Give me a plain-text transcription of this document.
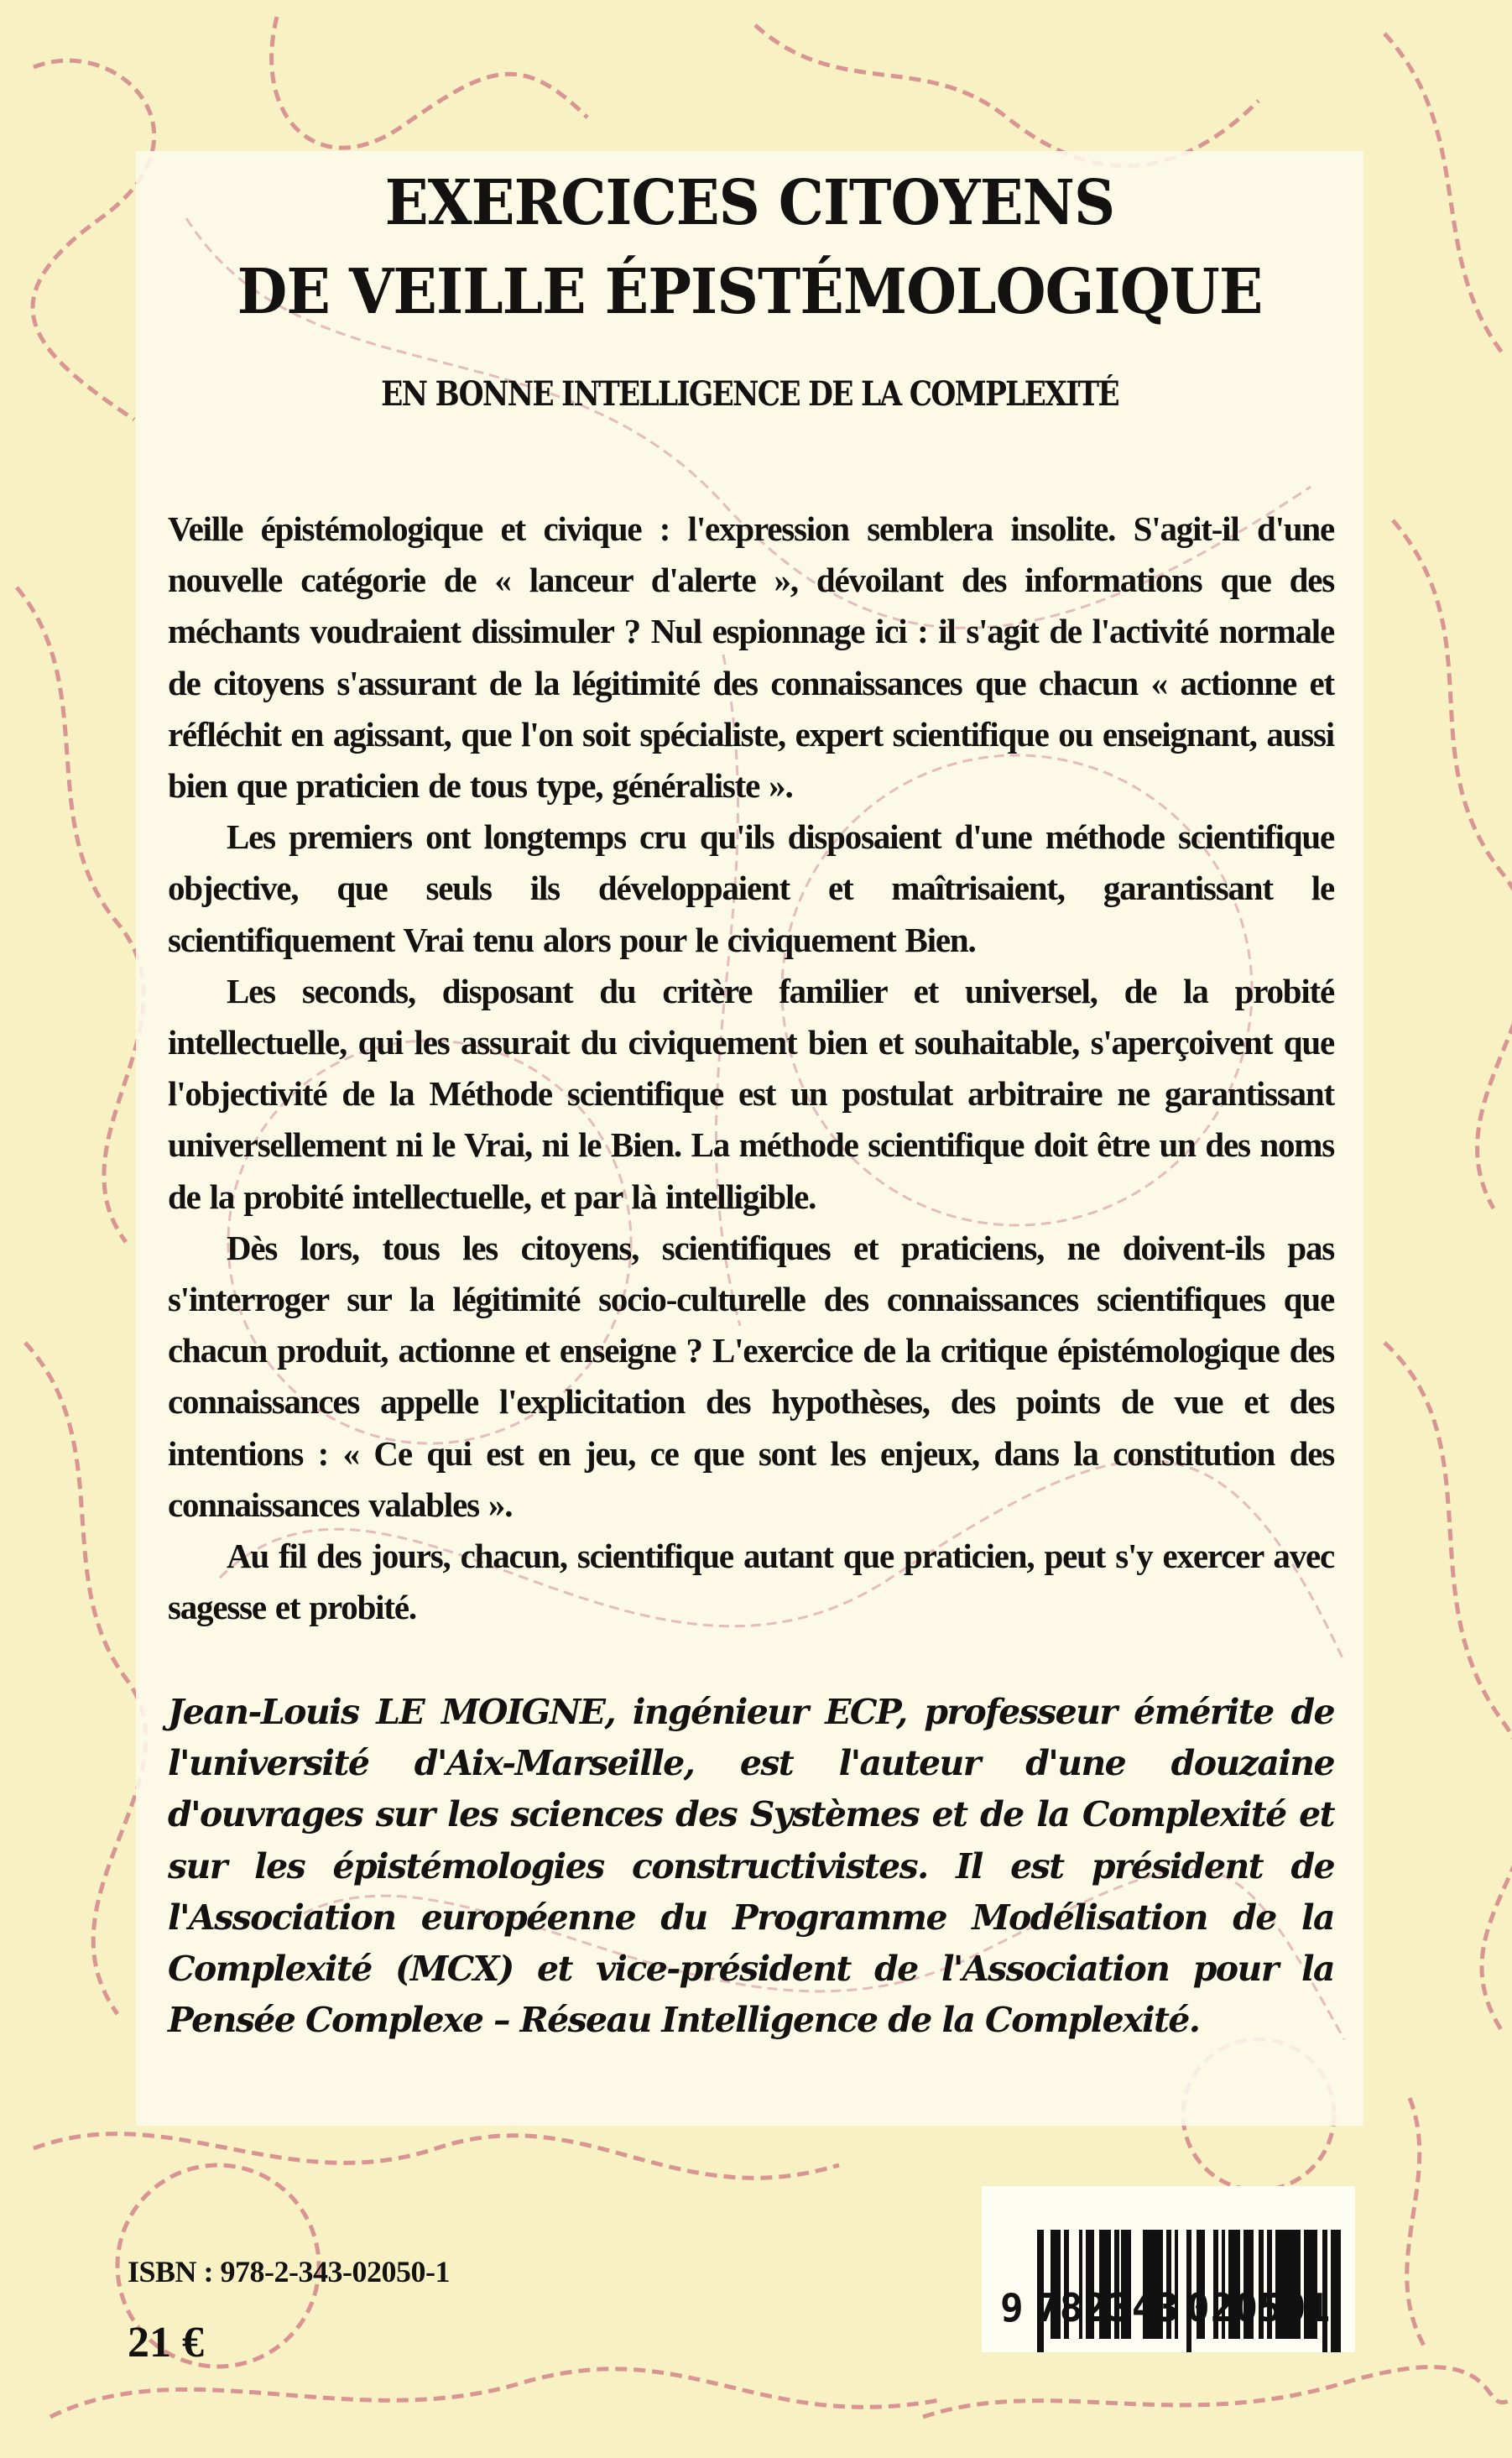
EXERCICES CITOYENS
DE VEILLE ÉPISTÉMOLOGIQUE
EN BONNE INTELLIGENCE DE LA COMPLEXITÉ

Veille épistémologique et civique : l'expression semblera insolite. S'agit-il d'une nouvelle catégorie de « lanceur d'alerte », dévoilant des informations que des méchants voudraient dissimuler ? Nul espionnage ici : il s'agit de l'activité normale de citoyens s'assurant de la légitimité des connaissances que chacun « actionne et réfléchit en agissant, que l'on soit spécialiste, expert scientifique ou enseignant, aussi bien que praticien de tous type, généraliste ».

Les premiers ont longtemps cru qu'ils disposaient d'une méthode scientifique objective, que seuls ils développaient et maîtrisaient, garantissant le scientifiquement Vrai tenu alors pour le civiquement Bien.

Les seconds, disposant du critère familier et universel, de la probité intellectuelle, qui les assurait du civiquement bien et souhaitable, s'aperçoivent que l'objectivité de la Méthode scientifique est un postulat arbitraire ne garantissant universellement ni le Vrai, ni le Bien. La méthode scientifique doit être un des noms de la probité intellectuelle, et par là intelligible.

Dès lors, tous les citoyens, scientifiques et praticiens, ne doivent-ils pas s'interroger sur la légitimité socio-culturelle des connaissances scientifiques que chacun produit, actionne et enseigne ? L'exercice de la critique épistémologique des connaissances appelle l'explicitation des hypothèses, des points de vue et des intentions : « Ce qui est en jeu, ce que sont les enjeux, dans la constitution des connaissances valables ».

Au fil des jours, chacun, scientifique autant que praticien, peut s'y exercer avec sagesse et probité.

Jean-Louis LE MOIGNE, ingénieur ECP, professeur émérite de l'université d'Aix-Marseille, est l'auteur d'une douzaine d'ouvrages sur les sciences des Systèmes et de la Complexité et sur les épistémologies constructivistes. Il est président de l'Association européenne du Programme Modélisation de la Complexité (MCX) et vice-président de l'Association pour la Pensée Complexe – Réseau Intelligence de la Complexité.

ISBN : 978-2-343-02050-1
21 €
9 782343 020501
